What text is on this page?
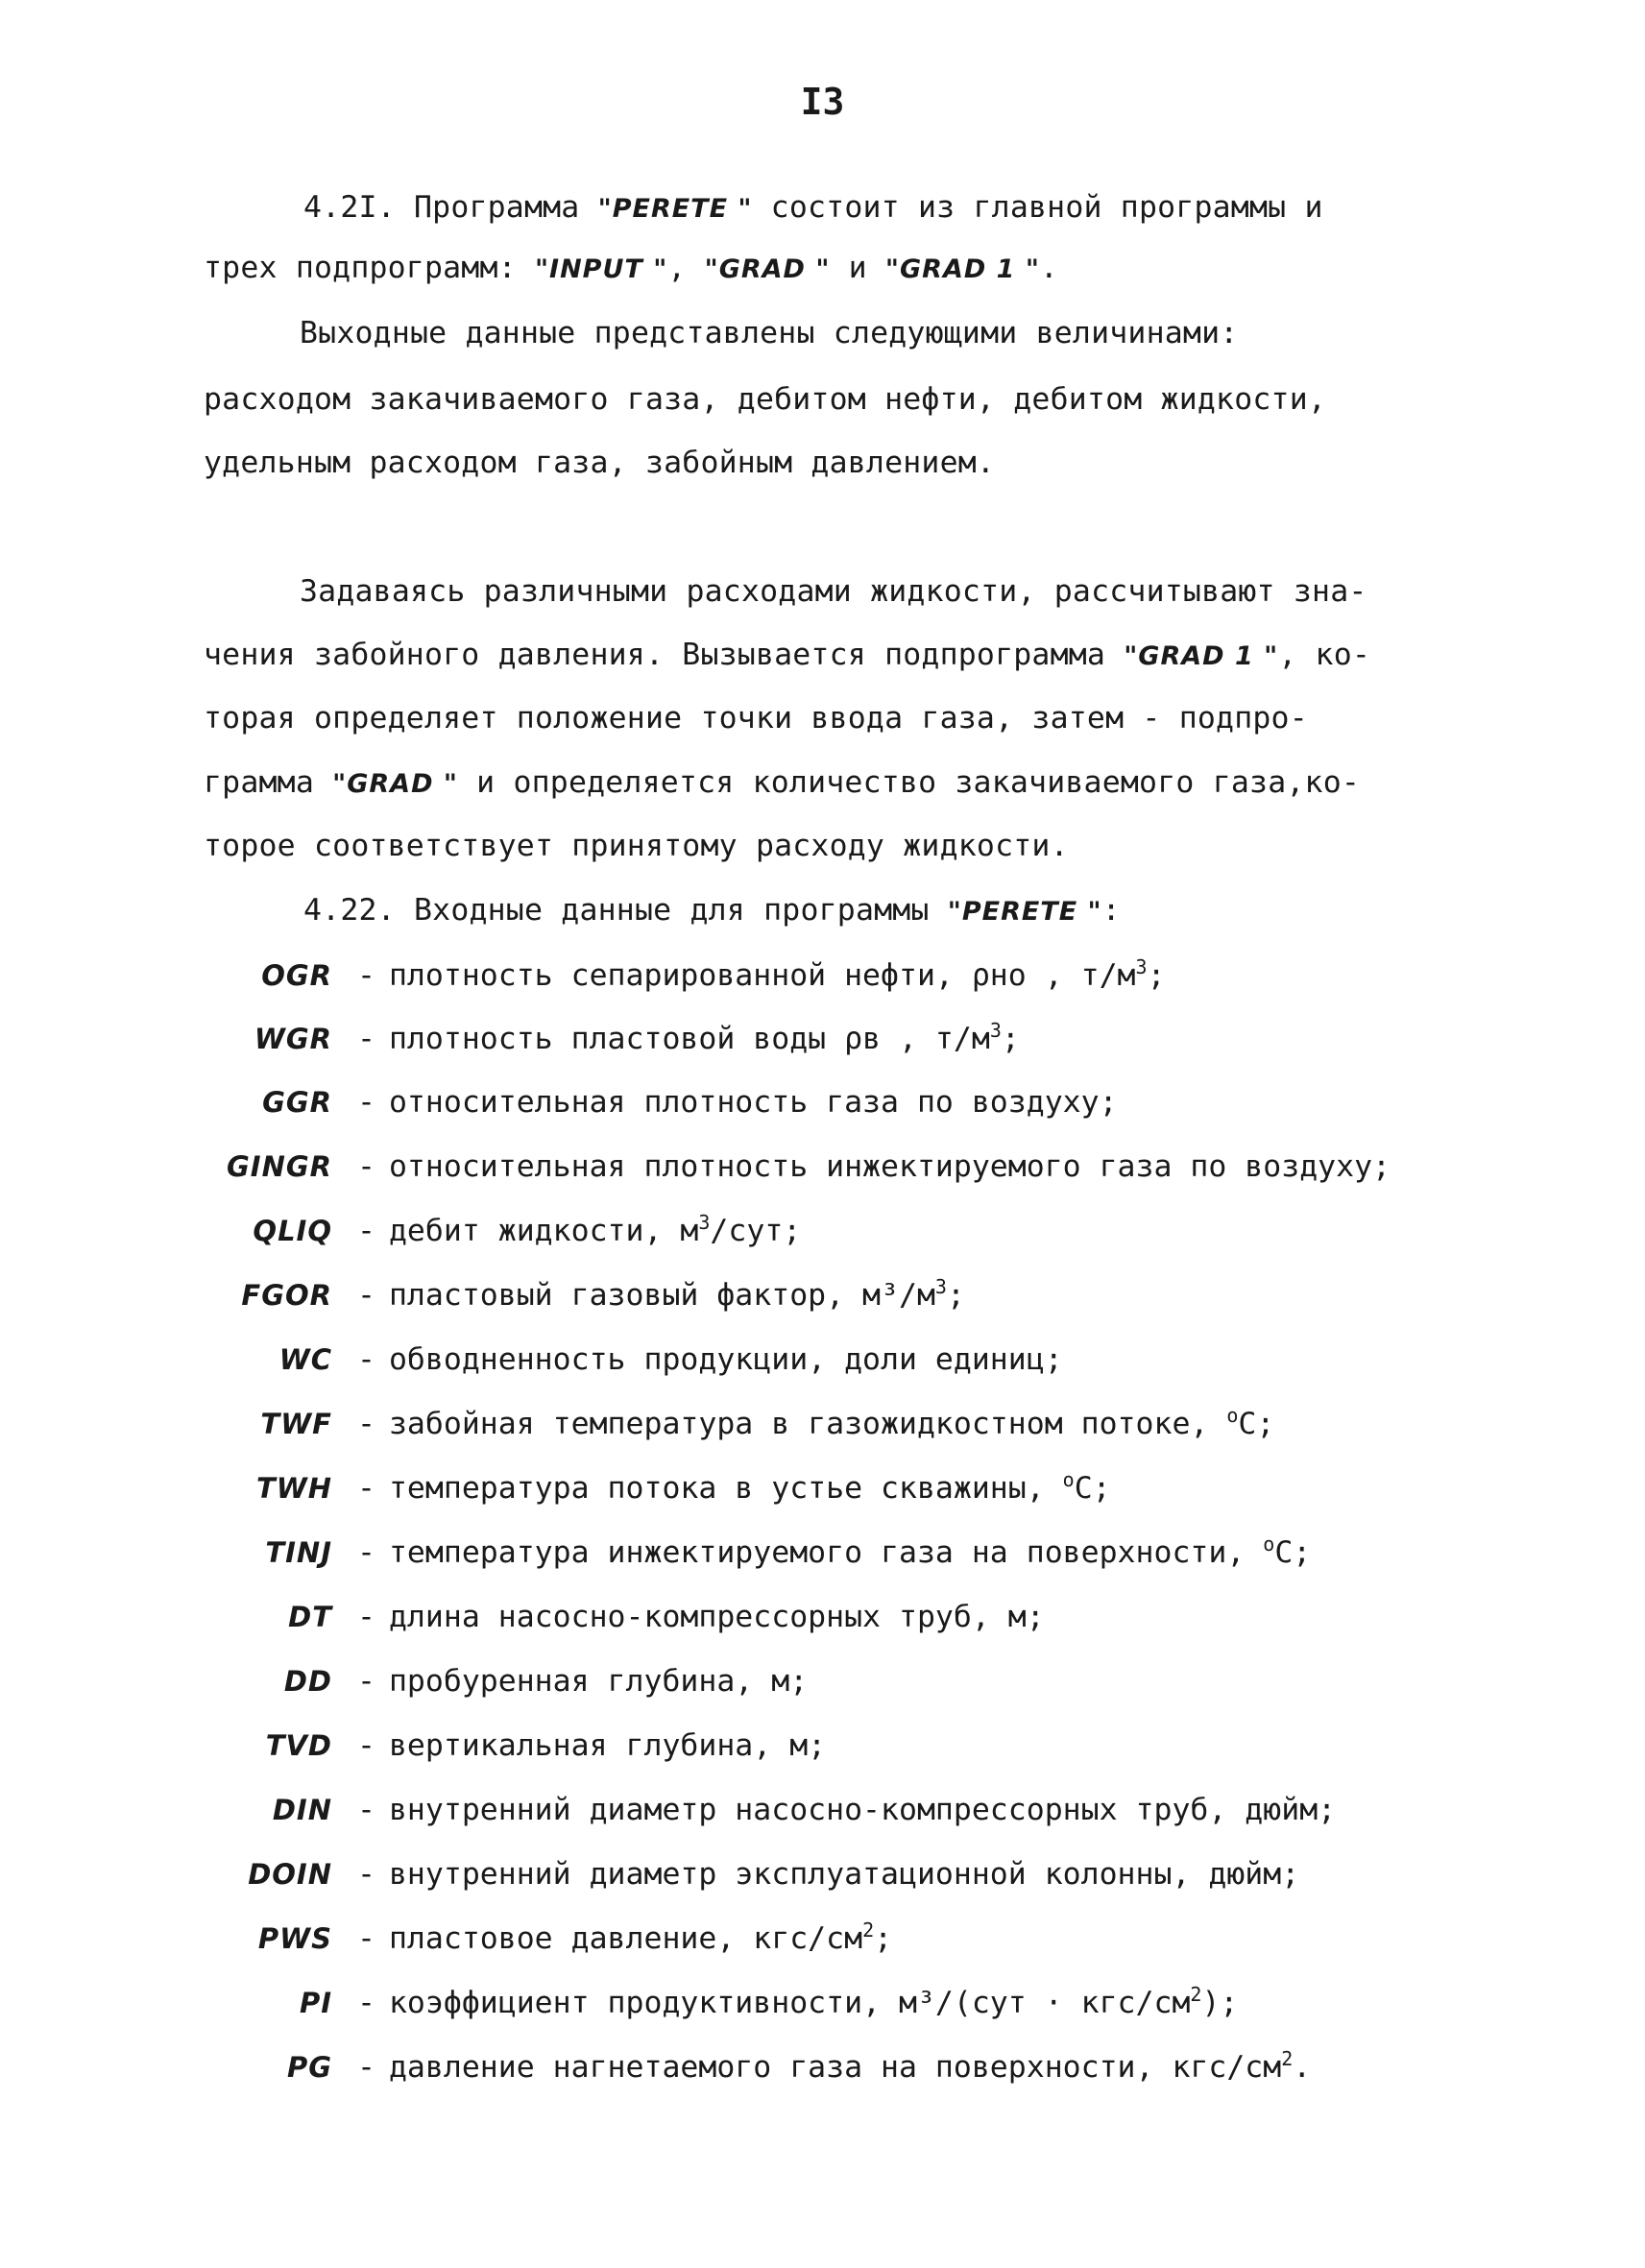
I3
4.2I. Программа "PERETE " состоит из главной программы и
трех подпрограмм: "INPUT ", "GRAD " и "GRAD 1 ".
Выходные данные представлены следующими величинами:
расходом закачиваемого газа, дебитом нефти, дебитом жидкости,
удельным расходом газа, забойным давлением.
Задаваясь различными расходами жидкости, рассчитывают зна-
чения забойного давления. Вызывается подпрограмма "GRAD 1 ", ко-
торая определяет положение точки ввода газа, затем - подпро-
грамма "GRAD " и определяется количество закачиваемого газа,ко-
торое соответствует принятому расходу жидкости.
4.22. Входные данные для программы "PERETE ":
OGR - плотность сепарированной нефти, ρно , $т/м^3$;
WGR - плотность пластовой воды ρв , $т/м^3$;
GGR - относительная плотность газа по воздуху;
GINGR - относительная плотность инжектируемого газа по воздуху;
QLIQ - дебит жидкости, $м^3$/сут;
FGOR - пластовый газовый фактор, $м^3/м^3$;
WC - обводненность продукции, доли единиц;
TWF - забойная температура в газожидкостном потоке, $^o$C;
TWH - температура потока в устье скважины, $^o$C;
TINJ - температура инжектируемого газа на поверхности, $^o$C;
DT - длина насосно-компрессорных труб, м;
DD - пробуренная глубина, м;
TVD - вертикальная глубина, м;
DIN - внутренний диаметр насосно-компрессорных труб, дюйм;
DOIN - внутренний диаметр эксплуатационной колонны, дюйм;
PWS - пластовое давление, кгс/$см^2$;
PI - коэффициент продуктивности, м³/(сут · кгс/$см^2$);
PG - давление нагнетаемого газа на поверхности, кгс/$см^2$.
